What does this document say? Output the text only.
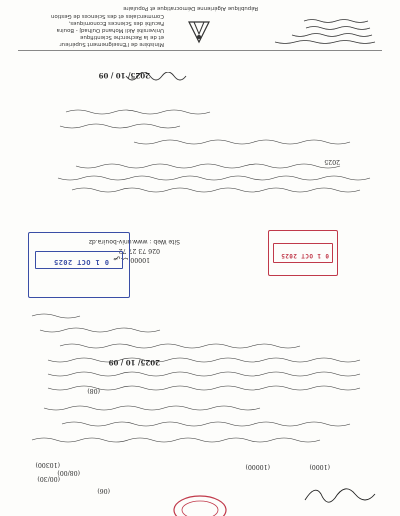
Ministère de l'Enseignement Supérieur
et de la Recherche Scientifique
Université Akli Mohand Oulhadj - Bouira
Faculté des Sciences Economiques,
Commerciales et des Sciences de Gestion
République Algérienne Démocratique et Populaire
2025/ 10 / 09
2025
ص.ب 10000
026 73 27 72
Site Web : www.univ-bouira.dz
0 1 OCT 2025
0 1 OCT 2025
2025/ 10 / 09
(1000)
(10000)
(08)
(06)
(08/00)
(00/30)
(10300)
